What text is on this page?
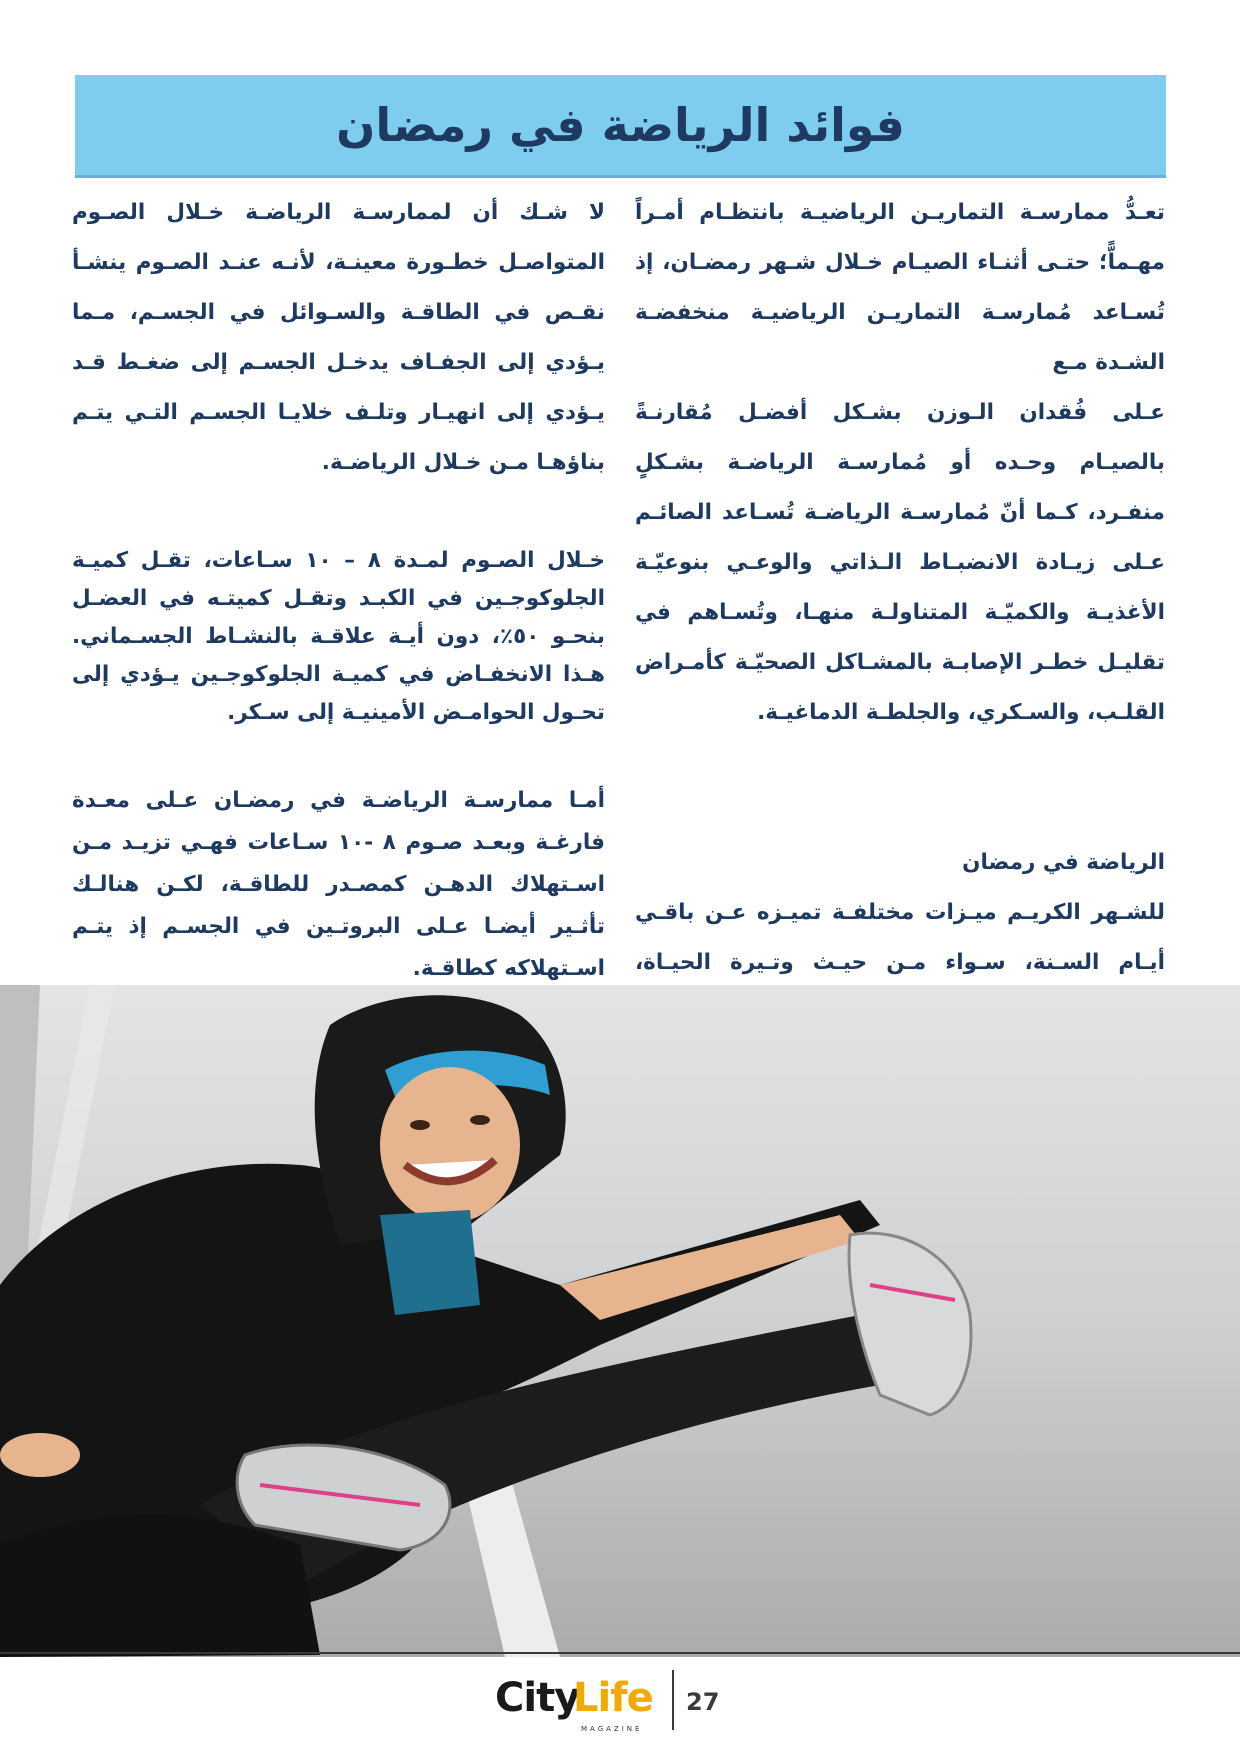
فوائد الرياضة في رمضان

تعـدُّ ممارسـة التماريـن الرياضيـة بانتظـام أمـراً مهـماًّ؛ حتـى أثنـاء الصيـام خـلال شـهر رمضـان، إذ تُسـاعد مُمارسـة التماريـن الرياضيـة منخفضـة الشـدة مـع

عـلى فُقدان الـوزن بشـكل أفضـل مُقارنـةً بالصيـام وحـده أو مُمارسـة الرياضـة بشـكلٍ منفـرد، كـما أنّ مُمارسـة الرياضـة تُسـاعد الصائـم عـلى زيـادة الانضبـاط الـذاتي والوعـي بنوعيّـة الأغذيـة والكميّـة المتناولـة منهـا، وتُسـاهم في تقليـل خطـر الإصابـة بالمشـاكل الصحيّـة كأمـراض القلـب، والسـكري، والجلطـة الدماغيـة.

الرياضة في رمضان

للشـهر الكريـم ميـزات مختلفـة تميـزه عـن باقـي أيـام السـنة، سـواء مـن حيـث وتـيرة الحيـاة،

لا شـك أن لممارسـة الرياضـة خـلال الصـوم المتواصـل خطـورة معينـة، لأنـه عنـد الصـوم ينشـأ نقـص في الطاقـة والسـوائل في الجسـم، مـما يـؤدي إلى الجفـاف يدخـل الجسـم إلى ضغـط قـد يـؤدي إلى انهيـار وتلـف خلايـا الجسـم التـي يتـم بناؤهـا مـن خـلال الرياضـة.

خـلال الصـوم لمـدة ٨ – ١٠ سـاعات، تقـل كميـة الجلوكوجـين في الكبـد وتقـل كميتـه في العضـل بنحـو ٥٠٪، دون أيـة علاقـة بالنشـاط الجسـماني. هـذا الانخفـاض في كميـة الجلوكوجـين يـؤدي إلى تحـول الحوامـض الأمينيـة إلى سـكر.

أمـا ممارسـة الرياضـة في رمضـان عـلى معـدة فارغـة وبعـد صـوم ٨ -١٠ سـاعات فهـي تزيـد مـن اسـتهلاك الدهـن كمصـدر للطاقـة، لكـن هنالـك تأثـير أيضـا عـلى البروتـين في الجسـم إذ يتـم اسـتهلاكه كطاقـة.

City
Life
MAGAZINE
27
